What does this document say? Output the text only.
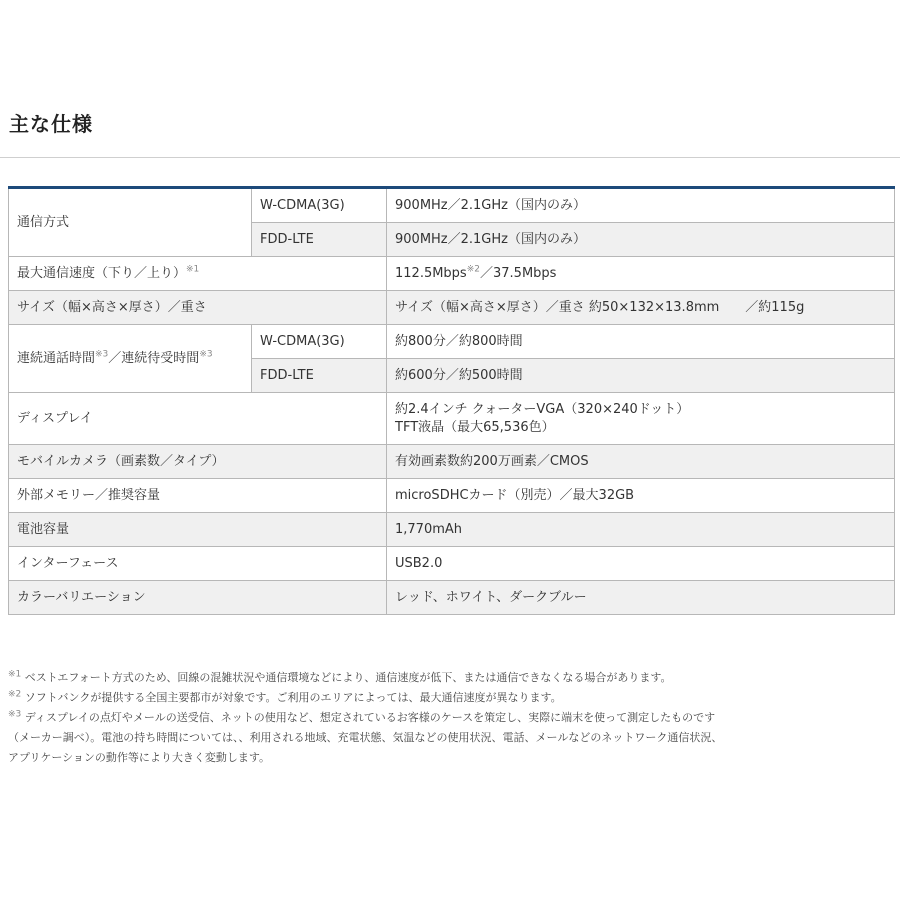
主な仕様
通信方式	W-CDMA(3G)	900MHz／2.1GHz（国内のみ）
	FDD-LTE	900MHz／2.1GHz（国内のみ）
最大通信速度（下り／上り）$^{※1}$		112.5Mbps$^{※2}$／37.5Mbps
サイズ（幅×高さ×厚さ）／重さ		サイズ（幅×高さ×厚さ）／重さ 約50×132×13.8mm　　／約115g
連続通話時間$^{※3}$／連続待受時間$^{※3}$	W-CDMA(3G)	約800分／約800時間
	FDD-LTE	約600分／約500時間
ディスプレイ		約2.4インチ クォーターVGA（320×240ドット）
TFT液晶（最大65,536色）

モバイルカメラ（画素数／タイプ）		有効画素数約200万画素／CMOS
外部メモリー／推奨容量		microSDHCカード（別売）／最大32GB
電池容量		1,770mAh
インターフェース		USB2.0
カラーバリエーション		レッド、ホワイト、ダークブルー

$^{※1}$ ベストエフォート方式のため、回線の混雑状況や通信環境などにより、通信速度が低下、または通信できなくなる場合があります。

$^{※2}$ ソフトバンクが提供する全国主要都市が対象です。ご利用のエリアによっては、最大通信速度が異なります。

$^{※3}$ ディスプレイの点灯やメールの送受信、ネットの使用など、想定されているお客様のケースを策定し、実際に端末を使って測定したものです

（メーカー調べ）。電池の持ち時間については、、利用される地域、充電状態、気温などの使用状況、電話、メールなどのネットワーク通信状況、

アプリケーションの動作等により大きく変動します。
